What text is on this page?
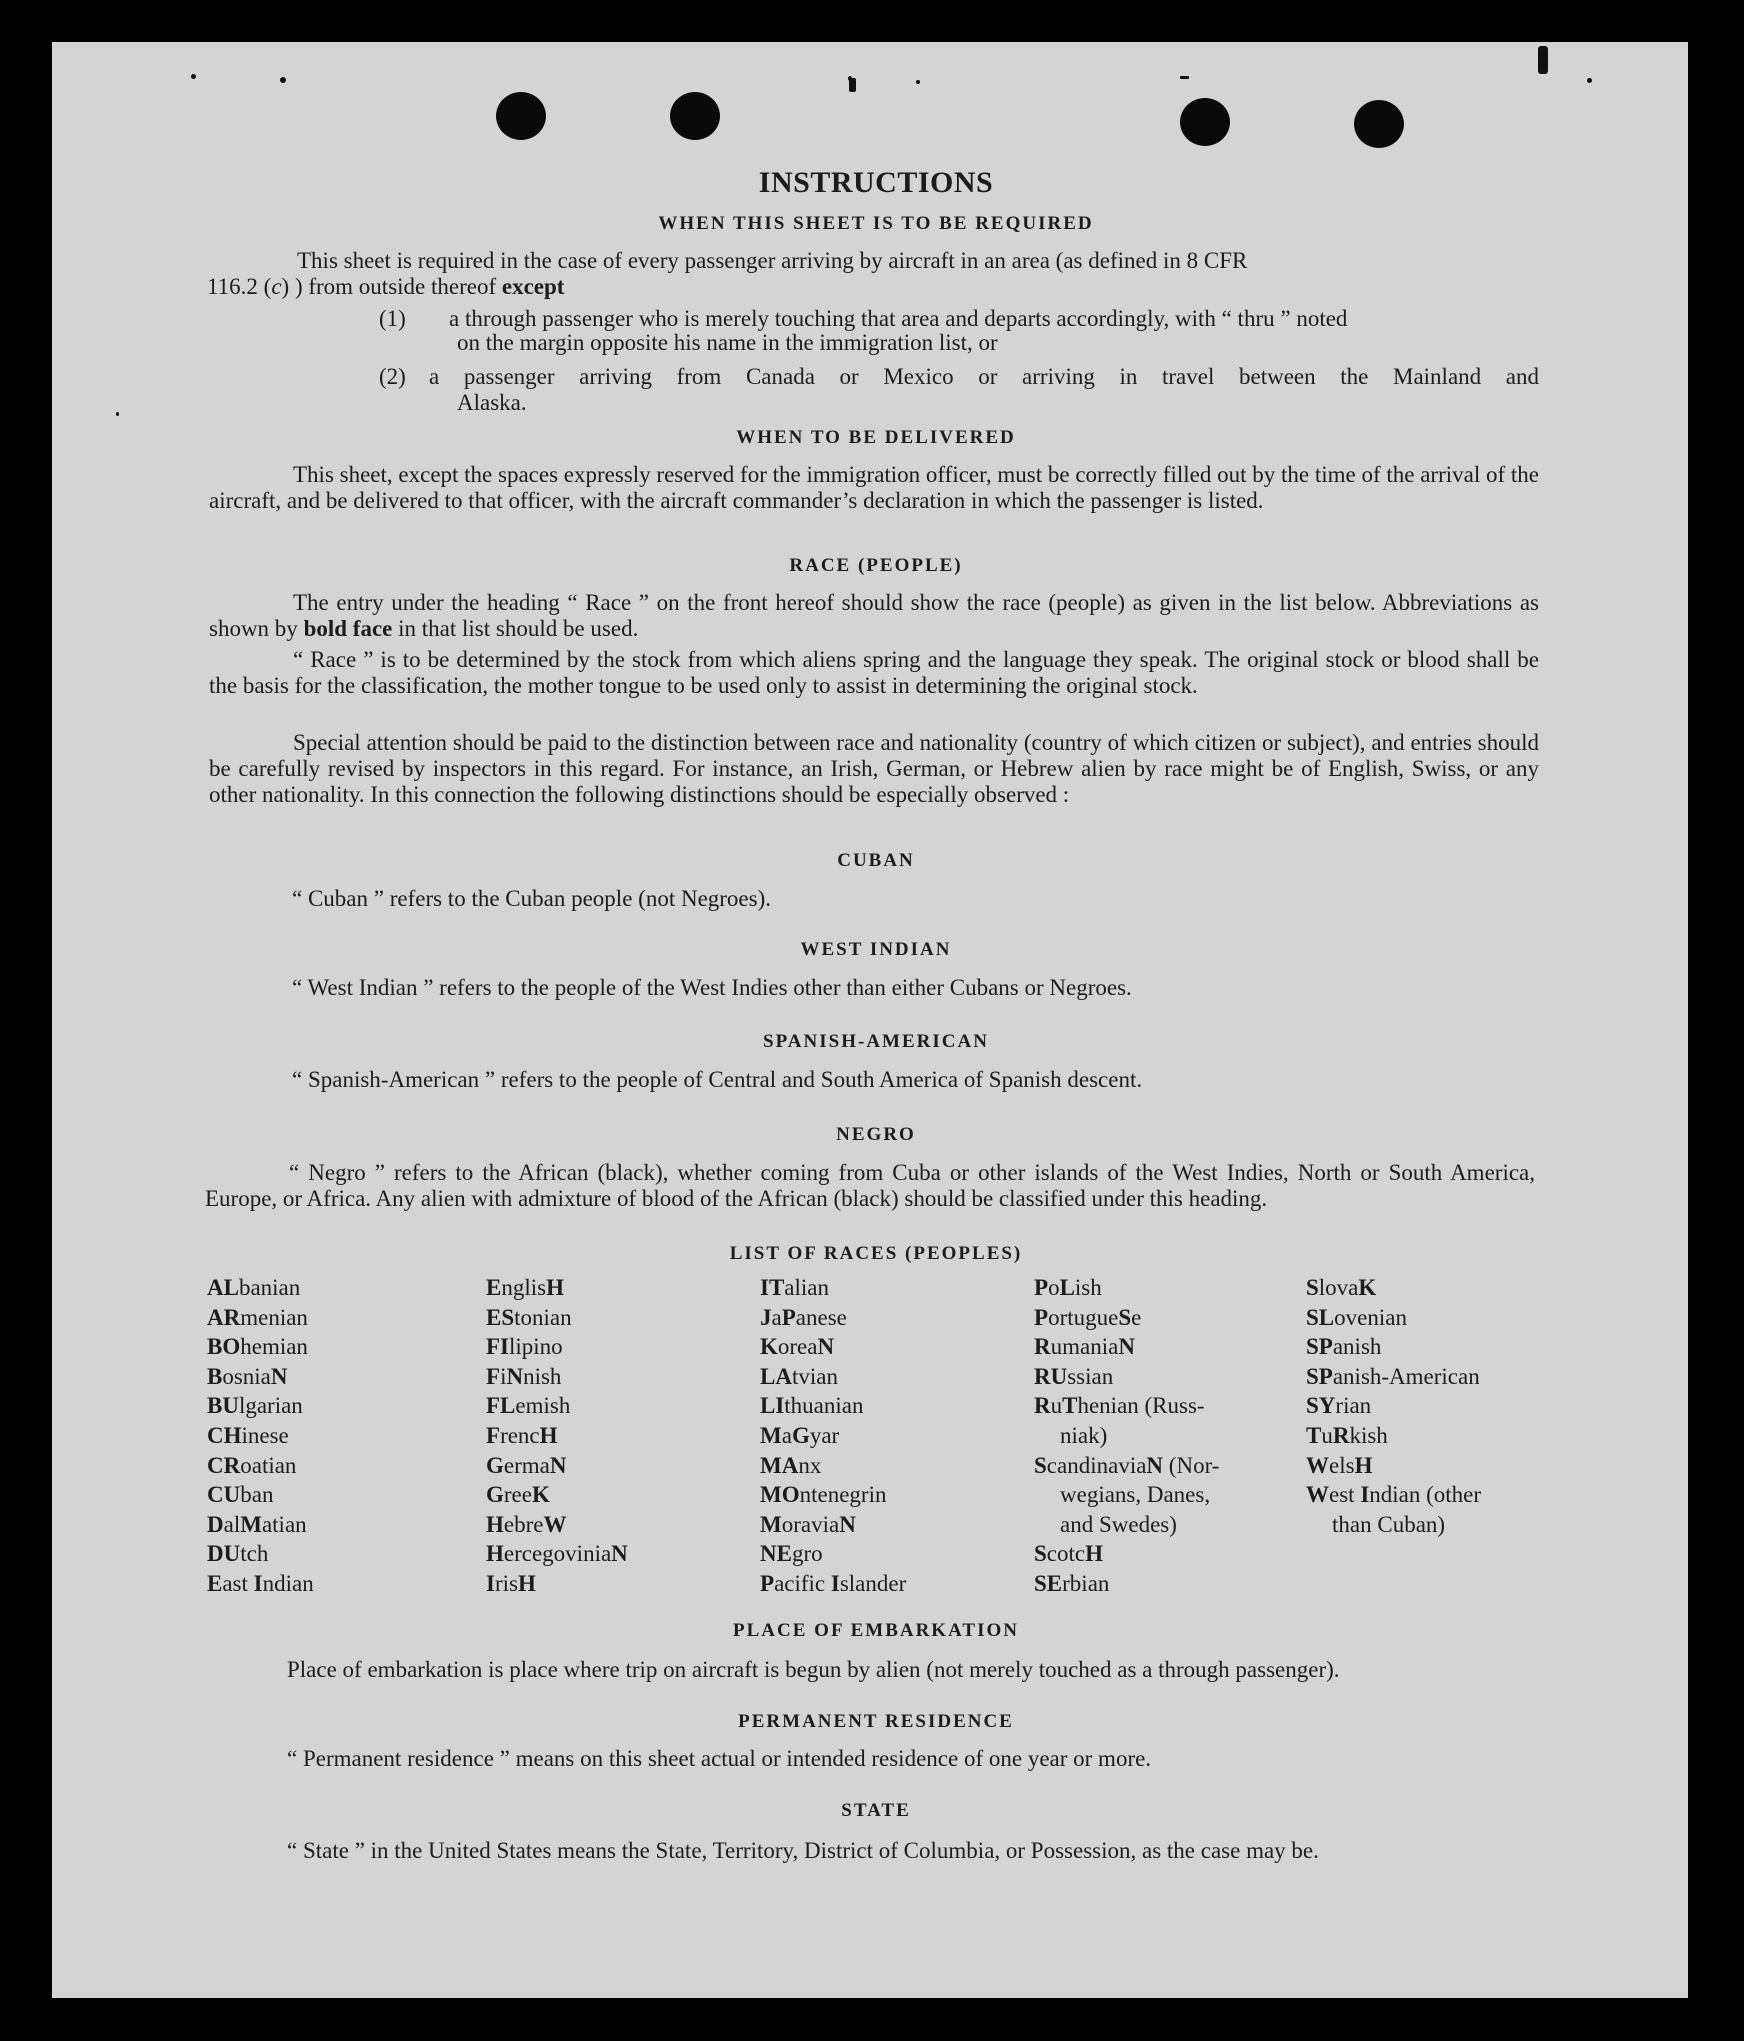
INSTRUCTIONS
WHEN THIS SHEET IS TO BE REQUIRED
This sheet is required in the case of every passenger arriving by aircraft in an area (as defined in 8 CFR
116.2 (c) ) from outside thereof except
(1) a through passenger who is merely touching that area and departs accordingly, with “ thru ” noted
on the margin opposite his name in the immigration list, or
(2) a passenger arriving from Canada or Mexico or arriving in travel between the Mainland and
Alaska.
WHEN TO BE DELIVERED
This sheet, except the spaces expressly reserved for the immigration officer, must be correctly filled out by the time of the arrival of the aircraft, and be delivered to that officer, with the aircraft commander’s declaration in which the passenger is listed.
RACE (PEOPLE)
The entry under the heading “ Race ” on the front hereof should show the race (people) as given in the list below. Abbreviations as shown by bold face in that list should be used.
“ Race ” is to be determined by the stock from which aliens spring and the language they speak. The original stock or blood shall be the basis for the classification, the mother tongue to be used only to assist in determining the original stock.
Special attention should be paid to the distinction between race and nationality (country of which citizen or subject), and entries should be carefully revised by inspectors in this regard. For instance, an Irish, German, or Hebrew alien by race might be of English, Swiss, or any other nationality. In this connection the following distinctions should be especially observed :
CUBAN
“ Cuban ” refers to the Cuban people (not Negroes).
WEST INDIAN
“ West Indian ” refers to the people of the West Indies other than either Cubans or Negroes.
SPANISH-AMERICAN
“ Spanish-American ” refers to the people of Central and South America of Spanish descent.
NEGRO
“ Negro ” refers to the African (black), whether coming from Cuba or other islands of the West Indies, North or South America, Europe, or Africa. Any alien with admixture of blood of the African (black) should be classified under this heading.
LIST OF RACES (PEOPLES)
PLACE OF EMBARKATION
Place of embarkation is place where trip on aircraft is begun by alien (not merely touched as a through passenger).
PERMANENT RESIDENCE
“ Permanent residence ” means on this sheet actual or intended residence of one year or more.
STATE
“ State ” in the United States means the State, Territory, District of Columbia, or Possession, as the case may be.
ALbanian
ARmenian
BOhemian
BosniaN
BUlgarian
CHinese
CRoatian
CUban
DalMatian
DUtch
East Indian
EnglisH
EStonian
FIlipino
FiNnish
FLemish
FrencH
GermaN
GreeK
HebreW
HercegoviniaN
IrisH
ITalian
JaPanese
KoreaN
LAtvian
LIthuanian
MaGyar
MAnx
MOntenegrin
MoraviaN
NEgro
Pacific Islander
PoLish
PortugueSe
RumaniaN
RUssian
RuThenian (Russ-
niak)
ScandinaviaN (Nor-
wegians, Danes,
and Swedes)
ScotcH
SErbian
SlovaK
SLovenian
SPanish
SPanish-American
SYrian
TuRkish
WelsH
West Indian (other
than Cuban)
